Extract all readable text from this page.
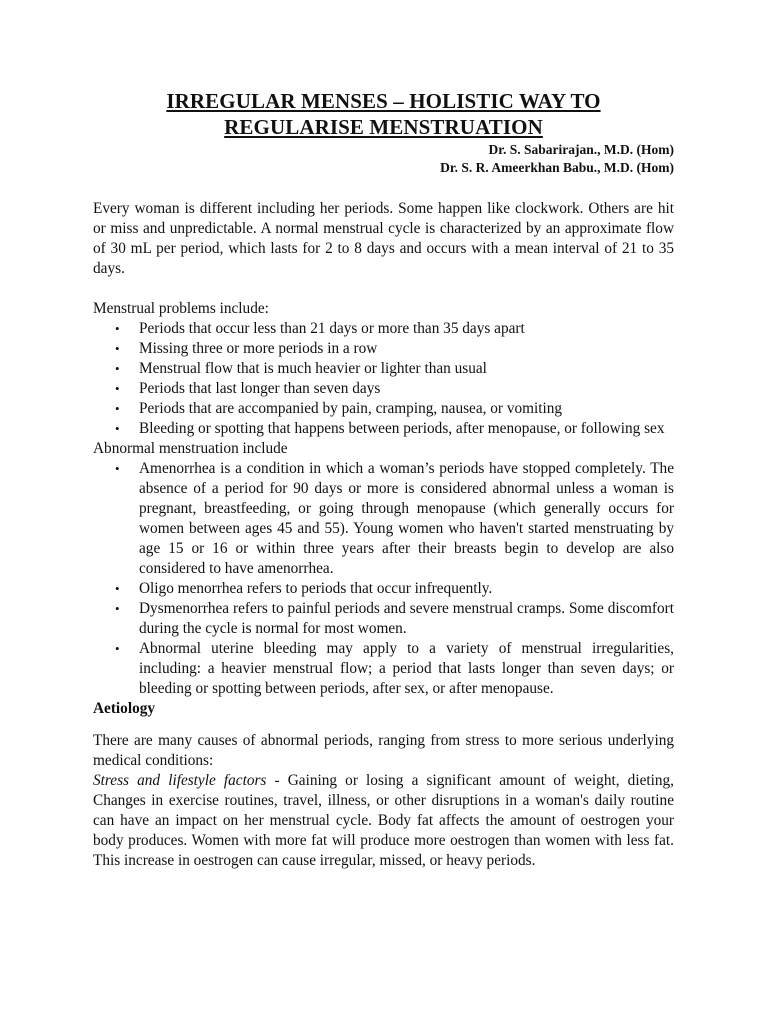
IRREGULAR MENSES – HOLISTIC WAY TO
REGULARISE MENSTRUATION
Dr. S. Sabarirajan., M.D. (Hom)
Dr. S. R. Ameerkhan Babu., M.D. (Hom)

Every woman is different including her periods. Some happen like clockwork. Others are hit or miss and unpredictable. A normal menstrual cycle is characterized by an approximate flow of 30 mL per period, which lasts for 2 to 8 days and occurs with a mean interval of 21 to 35 days.

Menstrual problems include:

• Periods that occur less than 21 days or more than 35 days apart
• Missing three or more periods in a row
• Menstrual flow that is much heavier or lighter than usual
• Periods that last longer than seven days
• Periods that are accompanied by pain, cramping, nausea, or vomiting
• Bleeding or spotting that happens between periods, after menopause, or following sex

Abnormal menstruation include

• Amenorrhea is a condition in which a woman’s periods have stopped completely. The absence of a period for 90 days or more is considered abnormal unless a woman is pregnant, breastfeeding, or going through menopause (which generally occurs for women between ages 45 and 55). Young women who haven't started menstruating by age 15 or 16 or within three years after their breasts begin to develop are also considered to have amenorrhea.
• Oligo menorrhea refers to periods that occur infrequently.
• Dysmenorrhea refers to painful periods and severe menstrual cramps. Some discomfort during the cycle is normal for most women.
• Abnormal uterine bleeding may apply to a variety of menstrual irregularities, including: a heavier menstrual flow; a period that lasts longer than seven days; or bleeding or spotting between periods, after sex, or after menopause.

Aetiology

There are many causes of abnormal periods, ranging from stress to more serious underlying medical conditions:

Stress and lifestyle factors - Gaining or losing a significant amount of weight, dieting, Changes in exercise routines, travel, illness, or other disruptions in a woman's daily routine can have an impact on her menstrual cycle. Body fat affects the amount of oestrogen your body produces. Women with more fat will produce more oestrogen than women with less fat. This increase in oestrogen can cause irregular, missed, or heavy periods.
